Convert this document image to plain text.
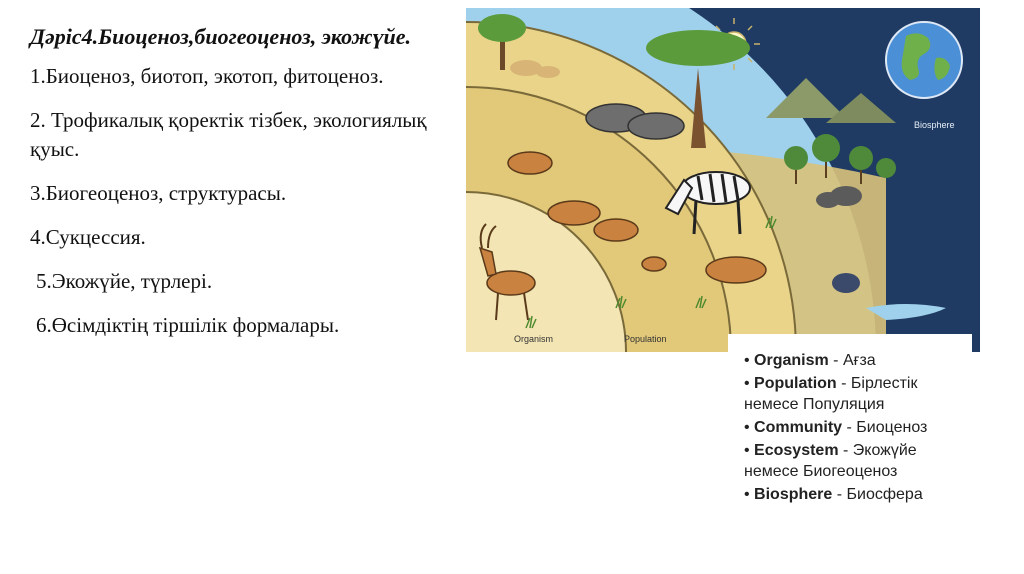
Дәріс4.Биоценоз,биогеоценоз, экожүйе.
1.Биоценоз, биотоп, экотоп, фитоценоз.
2. Трофикалық қоректік тізбек, экологиялық қуыс.
3.Биогеоценоз, структурасы.
4.Сукцессия.
5.Экожүйе, түрлері.
6.Өсімдіктің тіршілік формалары.
Organism	Population
Biosphere
• Organism - Ағза
• Population - Бірлестік немесе Популяция
• Community - Биоценоз
• Ecosystem - Экожүйе немесе Биогеоценоз
• Biosphere - Биосфера
